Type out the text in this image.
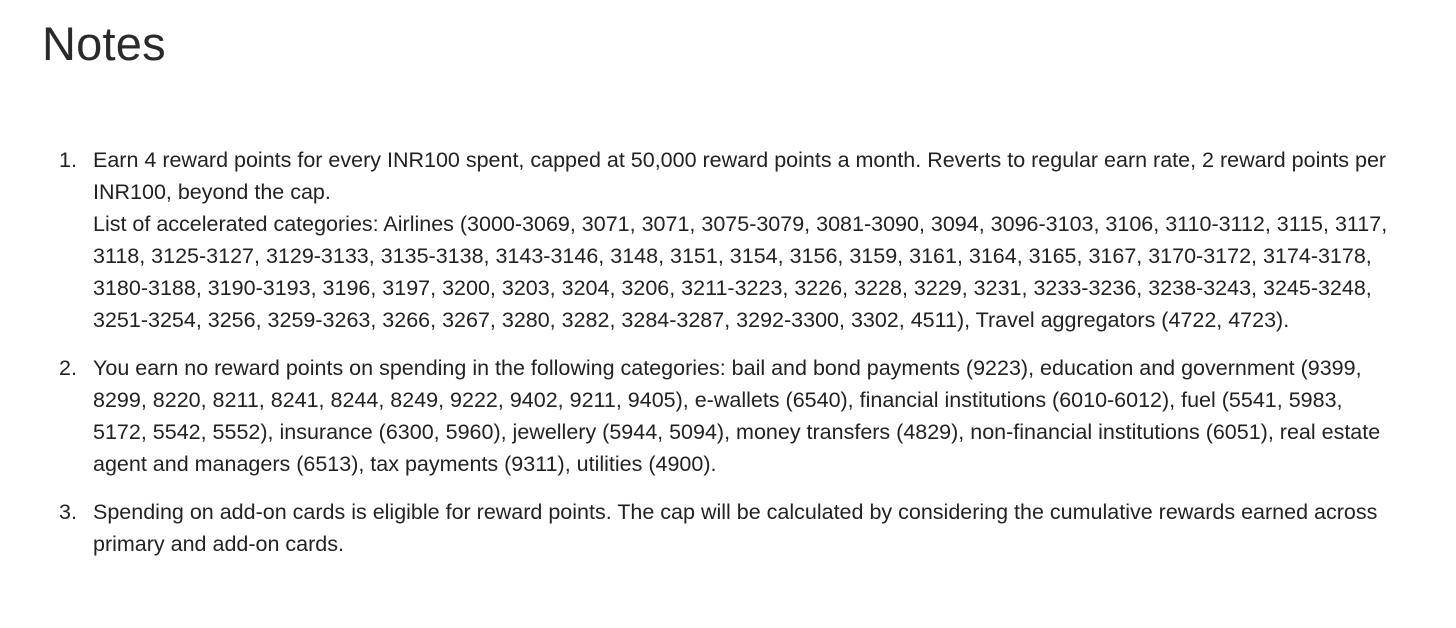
Notes
1. Earn 4 reward points for every INR100 spent, capped at 50,000 reward points a month. Reverts to regular earn rate, 2 reward points per INR100, beyond the cap.
List of accelerated categories: Airlines (3000-3069, 3071, 3071, 3075-3079, 3081-3090, 3094, 3096-3103, 3106, 3110-3112, 3115, 3117, 3118, 3125-3127, 3129-3133, 3135-3138, 3143-3146, 3148, 3151, 3154, 3156, 3159, 3161, 3164, 3165, 3167, 3170-3172, 3174-3178, 3180-3188, 3190-3193, 3196, 3197, 3200, 3203, 3204, 3206, 3211-3223, 3226, 3228, 3229, 3231, 3233-3236, 3238-3243, 3245-3248, 3251-3254, 3256, 3259-3263, 3266, 3267, 3280, 3282, 3284-3287, 3292-3300, 3302, 4511), Travel aggregators (4722, 4723).
2. You earn no reward points on spending in the following categories: bail and bond payments (9223), education and government (9399, 8299, 8220, 8211, 8241, 8244, 8249, 9222, 9402, 9211, 9405), e-wallets (6540), financial institutions (6010-6012), fuel (5541, 5983, 5172, 5542, 5552), insurance (6300, 5960), jewellery (5944, 5094), money transfers (4829), non-financial institutions (6051), real estate agent and managers (6513), tax payments (9311), utilities (4900).
3. Spending on add-on cards is eligible for reward points. The cap will be calculated by considering the cumulative rewards earned across primary and add-on cards.
